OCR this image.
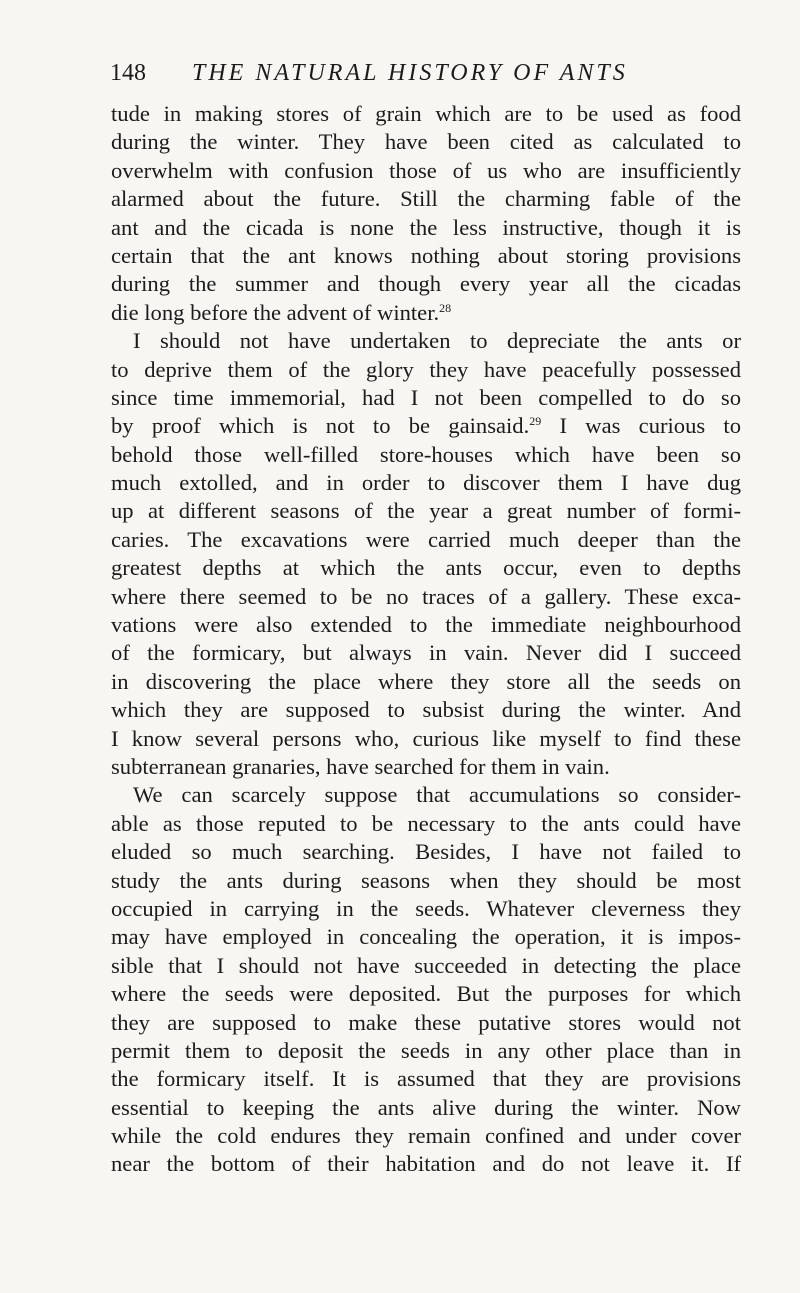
148 THE NATURAL HISTORY OF ANTS
tude in making stores of grain which are to be used as food
during the winter. They have been cited as calculated to
overwhelm with confusion those of us who are insufficiently
alarmed about the future. Still the charming fable of the
ant and the cicada is none the less instructive, though it is
certain that the ant knows nothing about storing provisions
during the summer and though every year all the cicadas
die long before the advent of winter.$^{28}$
I should not have undertaken to depreciate the ants or
to deprive them of the glory they have peacefully possessed
since time immemorial, had I not been compelled to do so
by proof which is not to be gainsaid.$^{29}$ I was curious to
behold those well-filled store-houses which have been so
much extolled, and in order to discover them I have dug
up at different seasons of the year a great number of formi-
caries. The excavations were carried much deeper than the
greatest depths at which the ants occur, even to depths
where there seemed to be no traces of a gallery. These exca-
vations were also extended to the immediate neighbourhood
of the formicary, but always in vain. Never did I succeed
in discovering the place where they store all the seeds on
which they are supposed to subsist during the winter. And
I know several persons who, curious like myself to find these
subterranean granaries, have searched for them in vain.
We can scarcely suppose that accumulations so consider-
able as those reputed to be necessary to the ants could have
eluded so much searching. Besides, I have not failed to
study the ants during seasons when they should be most
occupied in carrying in the seeds. Whatever cleverness they
may have employed in concealing the operation, it is impos-
sible that I should not have succeeded in detecting the place
where the seeds were deposited. But the purposes for which
they are supposed to make these putative stores would not
permit them to deposit the seeds in any other place than in
the formicary itself. It is assumed that they are provisions
essential to keeping the ants alive during the winter. Now
while the cold endures they remain confined and under cover
near the bottom of their habitation and do not leave it. If
